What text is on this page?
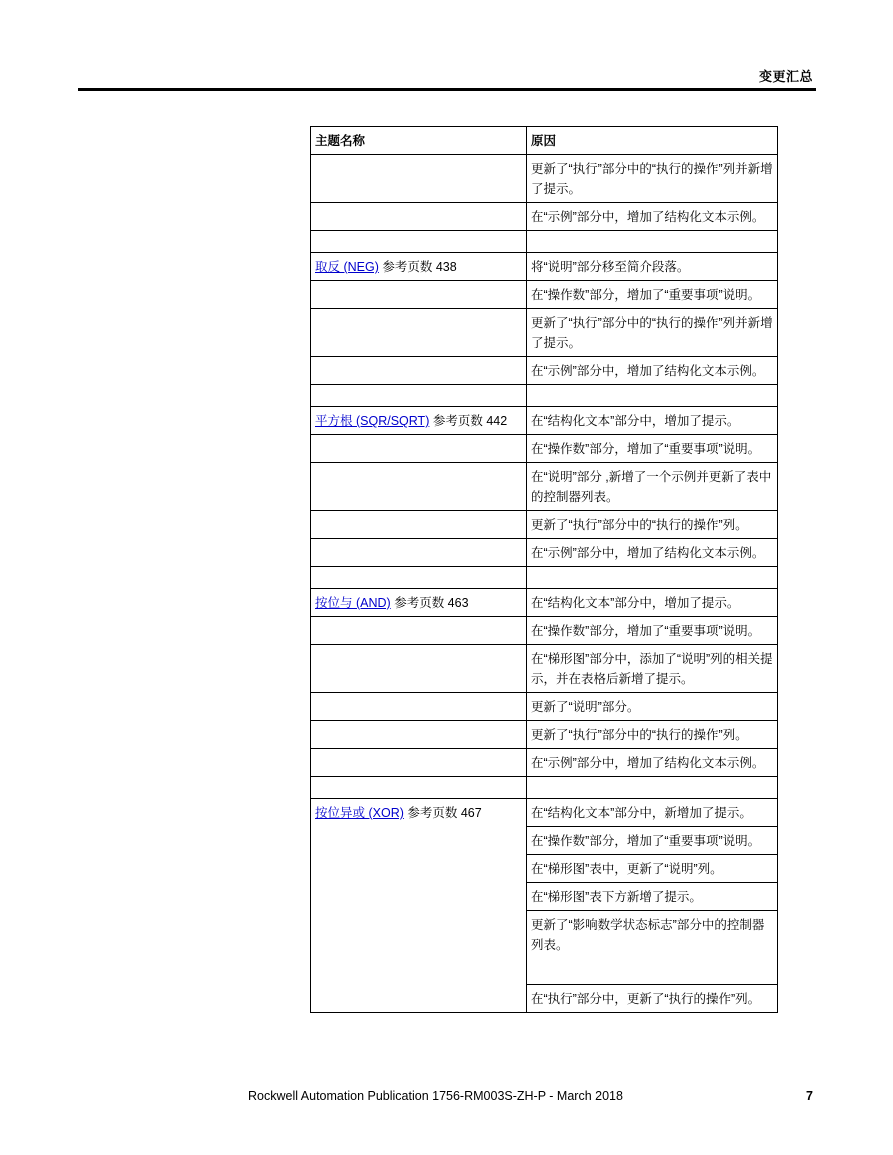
变更汇总
主题名称	原因
	更新了“执行”部分中的“执行的操作”列并新增了提示。
	在“示例”部分中，增加了结构化文本示例。

取反 (NEG) 参考页数 438	将“说明”部分移至简介段落。
	在“操作数”部分，增加了“重要事项”说明。
	更新了“执行”部分中的“执行的操作”列并新增了提示。
	在“示例”部分中，增加了结构化文本示例。

平方根 (SQR/SQRT) 参考页数 442	在“结构化文本”部分中，增加了提示。
	在“操作数”部分，增加了“重要事项”说明。
	在“说明”部分 ,新增了一个示例并更新了表中的控制器列表。
	更新了“执行”部分中的“执行的操作”列。
	在“示例”部分中，增加了结构化文本示例。

按位与 (AND) 参考页数 463	在“结构化文本”部分中，增加了提示。
	在“操作数”部分，增加了“重要事项”说明。
	在“梯形图”部分中，添加了“说明”列的相关提示，并在表格后新增了提示。
	更新了“说明”部分。
	更新了“执行”部分中的“执行的操作”列。
	在“示例”部分中，增加了结构化文本示例。

按位异或 (XOR) 参考页数 467	在“结构化文本”部分中，新增加了提示。
	在“操作数”部分，增加了“重要事项”说明。
	在“梯形图”表中，更新了“说明”列。
	在“梯形图”表下方新增了提示。
	更新了“影响数学状态标志”部分中的控制器列表。
	在“执行”部分中，更新了“执行的操作”列。
Rockwell Automation Publication 1756-RM003S-ZH-P - March 2018	7
